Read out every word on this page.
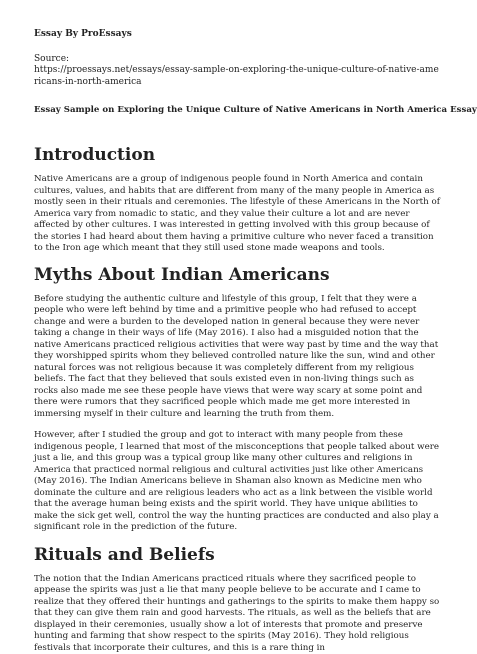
Essay By ProEssays
Source:
https://proessays.net/essays/essay-sample-on-exploring-the-unique-culture-of-native-americans-in-north-america
Essay Sample on Exploring the Unique Culture of Native Americans in North America Essay
Introduction

Native Americans are a group of indigenous people found in North America and contain cultures, values, and habits that are different from many of the many people in America as mostly seen in their rituals and ceremonies. The lifestyle of these Americans in the North of America vary from nomadic to static, and they value their culture a lot and are never affected by other cultures. I was interested in getting involved with this group because of the stories I had heard about them having a primitive culture who never faced a transition to the Iron age which meant that they still used stone made weapons and tools.

Myths About Indian Americans

Before studying the authentic culture and lifestyle of this group, I felt that they were a people who were left behind by time and a primitive people who had refused to accept change and were a burden to the developed nation in general because they were never taking a change in their ways of life (May 2016). I also had a misguided notion that the native Americans practiced religious activities that were way past by time and the way that they worshipped spirits whom they believed controlled nature like the sun, wind and other natural forces was not religious because it was completely different from my religious beliefs. The fact that they believed that souls existed even in non-living things such as rocks also made me see these people have views that were way scary at some point and there were rumors that they sacrificed people which made me get more interested in immersing myself in their culture and learning the truth from them.

However, after I studied the group and got to interact with many people from these indigenous people, I learned that most of the misconceptions that people talked about were just a lie, and this group was a typical group like many other cultures and religions in America that practiced normal religious and cultural activities just like other Americans (May 2016). The Indian Americans believe in Shaman also known as Medicine men who dominate the culture and are religious leaders who act as a link between the visible world that the average human being exists and the spirit world. They have unique abilities to make the sick get well, control the way the hunting practices are conducted and also play a significant role in the prediction of the future.

Rituals and Beliefs

The notion that the Indian Americans practiced rituals where they sacrificed people to appease the spirits was just a lie that many people believe to be accurate and I came to realize that they offered their huntings and gatherings to the spirits to make them happy so that they can give them rain and good harvests. The rituals, as well as the beliefs that are displayed in their ceremonies, usually show a lot of interests that promote and preserve hunting and farming that show respect to the spirits (May 2016). They hold religious festivals that incorporate their cultures, and this is a rare thing in
